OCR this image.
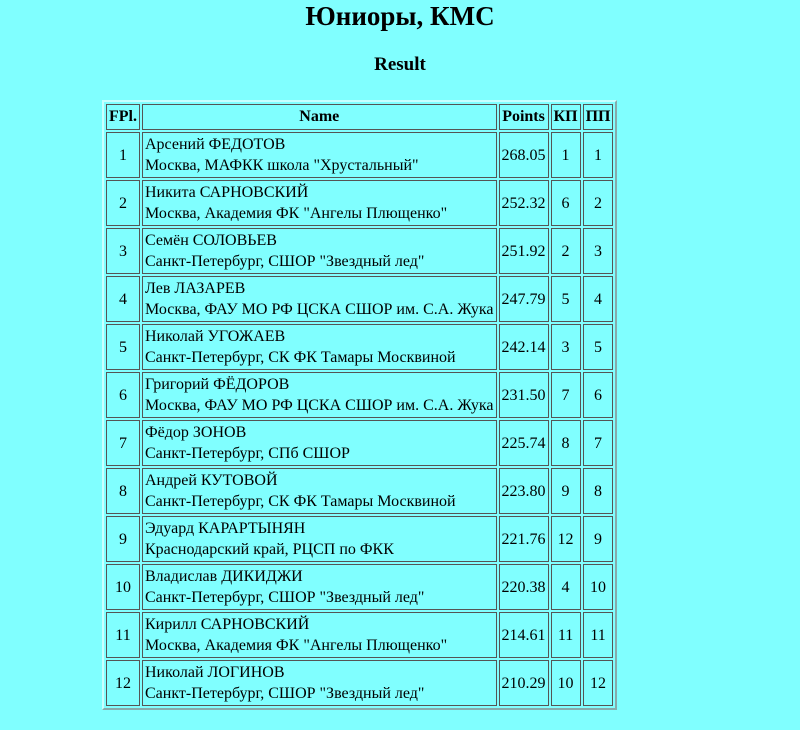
Юниоры, КМС
Result
FPl.	Name	Points	КП	ПП
1	Арсений ФЕДОТОВ
Москва, МАФКК школа "Хрустальный"	268.05	1	1
2	Никита САРНОВСКИЙ
Москва, Академия ФК "Ангелы Плющенко"	252.32	6	2
3	Семён СОЛОВЬЕВ
Санкт-Петербург, СШОР "Звездный лед"	251.92	2	3
4	Лев ЛАЗАРЕВ
Москва, ФАУ МО РФ ЦСКА СШОР им. С.А. Жука	247.79	5	4
5	Николай УГОЖАЕВ
Санкт-Петербург, СК ФК Тамары Москвиной	242.14	3	5
6	Григорий ФЁДОРОВ
Москва, ФАУ МО РФ ЦСКА СШОР им. С.А. Жука	231.50	7	6
7	Фёдор ЗОНОВ
Санкт-Петербург, СПб СШОР	225.74	8	7
8	Андрей КУТОВОЙ
Санкт-Петербург, СК ФК Тамары Москвиной	223.80	9	8
9	Эдуард КАРАРТЫНЯН
Краснодарский край, РЦСП по ФКК	221.76	12	9
10	Владислав ДИКИДЖИ
Санкт-Петербург, СШОР "Звездный лед"	220.38	4	10
11	Кирилл САРНОВСКИЙ
Москва, Академия ФК "Ангелы Плющенко"	214.61	11	11
12	Николай ЛОГИНОВ
Санкт-Петербург, СШОР "Звездный лед"	210.29	10	12
